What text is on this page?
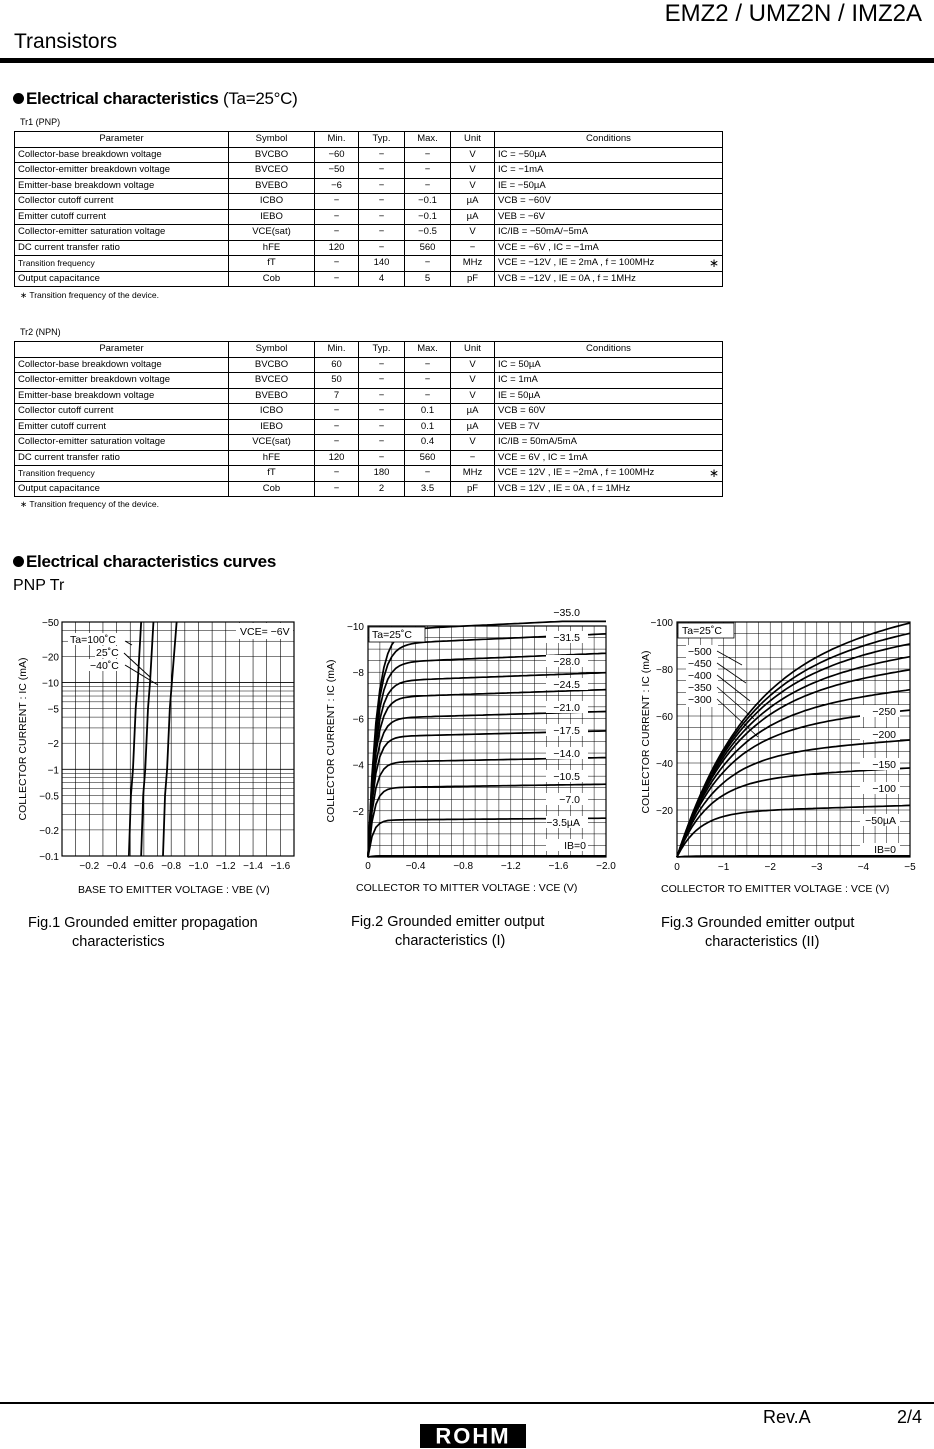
EMZ2 / UMZ2N / IMZ2A
Transistors
Electrical characteristics (Ta=25°C)
Tr1 (PNP)
Parameter	Symbol	Min.	Typ.	Max.	Unit	Conditions
Collector-base breakdown voltage	BVCBO	−60	−	−	V	IC = −50µA

Collector-emitter breakdown voltage	BVCEO	−50	−	−	V	IC = −1mA

Emitter-base breakdown voltage	BVEBO	−6	−	−	V	IE = −50µA

Collector cutoff current	ICBO	−	−	−0.1	µA	VCB = −60V

Emitter cutoff current	IEBO	−	−	−0.1	µA	VEB = −6V

Collector-emitter saturation voltage	VCE(sat)	−	−	−0.5	V	IC/IB = −50mA/−5mA

DC current transfer ratio	hFE	120	−	560	−	VCE = −6V , IC = −1mA

Transition frequency	fT	−	140	−	MHz	VCE = −12V , IE = 2mA , f = 100MHz ∗

Output capacitance	Cob	−	4	5	pF	VCB = −12V , IE = 0A , f = 1MHz
∗ Transition frequency of the device.
Tr2 (NPN)
Parameter	Symbol	Min.	Typ.	Max.	Unit	Conditions
Collector-base breakdown voltage	BVCBO	60	−	−	V	IC = 50µA

Collector-emitter breakdown voltage	BVCEO	50	−	−	V	IC = 1mA

Emitter-base breakdown voltage	BVEBO	7	−	−	V	IE = 50µA

Collector cutoff current	ICBO	−	−	0.1	µA	VCB = 60V

Emitter cutoff current	IEBO	−	−	0.1	µA	VEB = 7V

Collector-emitter saturation voltage	VCE(sat)	−	−	0.4	V	IC/IB = 50mA/5mA

DC current transfer ratio	hFE	120	−	560	−	VCE = 6V , IC = 1mA

Transition frequency	fT	−	180	−	MHz	VCE = 12V , IE = −2mA , f = 100MHz ∗

Output capacitance	Cob	−	2	3.5	pF	VCB = 12V , IE = 0A , f = 1MHz
∗ Transition frequency of the device.
Electrical characteristics curves
PNP Tr
−0.2 −0.4 −0.6 −0.8 −1.0 −1.2 −1.4 −1.6
−50
−20
−10
−5
−2
−1
−0.5
−0.2
−0.1
VCE= −6V
Ta=100˚C
25˚C
−40˚C
BASE TO EMITTER VOLTAGE : VBE (V)
COLLECTOR CURRENT : IC (mA)
0	−0.4	−0.8	−1.2	−1.6	−2.0
−10
−8
−6
−4
−2
−35.0
−31.5
−28.0
−24.5
−21.0
−17.5
−14.0
−10.5
−7.0
−3.5µA
IB=0
Ta=25˚C
COLLECTOR TO MITTER VOLTAGE : VCE (V)
COLLECTOR CURRENT : IC (mA)
0	−1	−2	−3	−4	−5
−100
−80
−60
−40
−20
−500
−450
−400
−350
−300
−250
−200
−150
−100
−50µA
IB=0
Ta=25˚C
COLLECTOR TO EMITTER VOLTAGE : VCE (V)
COLLECTOR CURRENT : IC (mA)
Fig.1 Grounded emitter propagation
characteristics
Fig.2 Grounded emitter output
characteristics (I)
Fig.3 Grounded emitter output
characteristics (II)
Rev.A	2/4
ROHM
